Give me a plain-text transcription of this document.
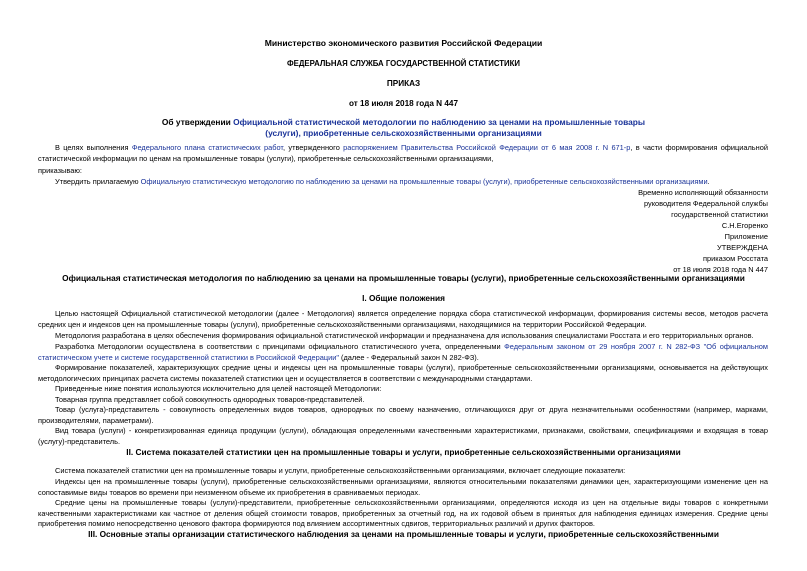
Министерство экономического развития Российской Федерации
ФЕДЕРАЛЬНАЯ СЛУЖБА ГОСУДАРСТВЕННОЙ СТАТИСТИКИ
ПРИКАЗ
от 18 июля 2018 года N 447
Об утверждении Официальной статистической методологии по наблюдению за ценами на промышленные товары (услуги), приобретенные сельскохозяйственными организациями
В целях выполнения Федерального плана статистических работ, утвержденного распоряжением Правительства Российской Федерации от 6 мая 2008 г. N 671-р, в части формирования официальной статистической информации по ценам на промышленные товары (услуги), приобретенные сельскохозяйственными организациями,
приказываю:
Утвердить прилагаемую Официальную статистическую методологию по наблюдению за ценами на промышленные товары (услуги), приобретенные сельскохозяйственными организациями.
Временно исполняющий обязанности
руководителя Федеральной службы
государственной статистики
С.Н.Егоренко
Приложение
УТВЕРЖДЕНА
приказом Росстата
от 18 июля 2018 года N 447
Официальная статистическая методология по наблюдению за ценами на промышленные товары (услуги), приобретенные сельскохозяйственными организациями
I. Общие положения
Целью настоящей Официальной статистической методологии (далее - Методология) является определение порядка сбора статистической информации, формирования системы весов, методов расчета средних цен и индексов цен на промышленные товары (услуги), приобретенные сельскохозяйственными организациями, находящимися на территории Российской Федерации.
Методология разработана в целях обеспечения формирования официальной статистической информации и предназначена для использования специалистами Росстата и его территориальных органов.
Разработка Методологии осуществлена в соответствии с принципами официального статистического учета, определенными Федеральным законом от 29 ноября 2007 г. N 282-ФЗ "Об официальном статистическом учете и системе государственной статистики в Российской Федерации" (далее - Федеральный закон N 282-ФЗ).
Формирование показателей, характеризующих средние цены и индексы цен на промышленные товары (услуги), приобретенные сельскохозяйственными организациями, основывается на действующих методологических принципах расчета системы показателей статистики цен и осуществляется в соответствии с международными стандартами.
Приведенные ниже понятия используются исключительно для целей настоящей Методологии:
Товарная группа представляет собой совокупность однородных товаров-представителей.
Товар (услуга)-представитель - совокупность определенных видов товаров, однородных по своему назначению, отличающихся друг от друга незначительными особенностями (например, марками, производителями, параметрами).
Вид товара (услуги) - конкретизированная единица продукции (услуги), обладающая определенными качественными характеристиками, признаками, свойствами, спецификациями и входящая в товар (услугу)-представитель.
II. Система показателей статистики цен на промышленные товары и услуги, приобретенные сельскохозяйственными организациями
Система показателей статистики цен на промышленные товары и услуги, приобретенные сельскохозяйственными организациями, включает следующие показатели:
Индексы цен на промышленные товары (услуги), приобретенные сельскохозяйственными организациями, являются относительными показателями динамики цен, характеризующими изменение цен на сопоставимые виды товаров во времени при неизменном объеме их приобретения в сравниваемых периодах.
Средние цены на промышленные товары (услуги)-представители, приобретенные сельскохозяйственными организациями, определяются исходя из цен на отдельные виды товаров с конкретными качественными характеристиками как частное от деления общей стоимости товаров, приобретенных за отчетный год, на их годовой объем в принятых для наблюдения единицах измерения. Средние цены приобретения помимо непосредственно ценового фактора формируются под влиянием ассортиментных сдвигов, территориальных различий и других факторов.
III. Основные этапы организации статистического наблюдения за ценами на промышленные товары и услуги, приобретенные сельскохозяйственными
